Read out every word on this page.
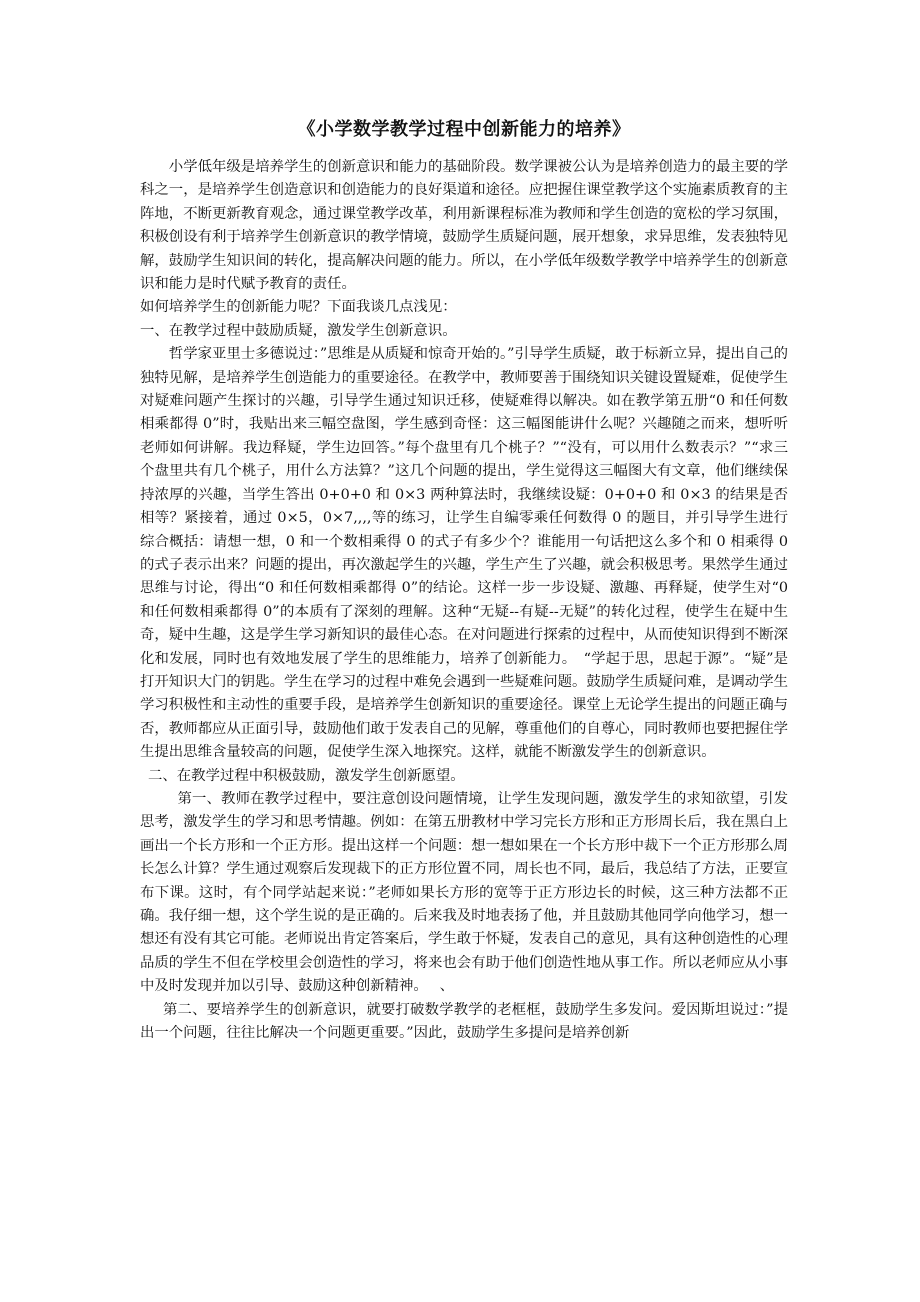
《小学数学教学过程中创新能力的培养》

小学低年级是培养学生的创新意识和能力的基础阶段。数学课被公认为是培养创造力的最主要的学科之一，是培养学生创造意识和创造能力的良好渠道和途径。应把握住课堂教学这个实施素质教育的主阵地，不断更新教育观念，通过课堂教学改革，利用新课程标准为教师和学生创造的宽松的学习氛围，积极创设有利于培养学生创新意识的教学情境，鼓励学生质疑问题，展开想象，求异思维，发表独特见解，鼓励学生知识间的转化，提高解决问题的能力。所以，在小学低年级数学教学中培养学生的创新意识和能力是时代赋予教育的责任。

如何培养学生的创新能力呢？下面我谈几点浅见：

一、在教学过程中鼓励质疑，激发学生创新意识。

哲学家亚里士多德说过：”思维是从质疑和惊奇开始的。”引导学生质疑，敢于标新立异，提出自己的独特见解，是培养学生创造能力的重要途径。在教学中，教师要善于围绕知识关键设置疑难，促使学生对疑难问题产生探讨的兴趣，引导学生通过知识迁移，使疑难得以解决。如在教学第五册“0 和任何数相乘都得 0”时，我贴出来三幅空盘图，学生感到奇怪：这三幅图能讲什么呢？兴趣随之而来，想听听老师如何讲解。我边释疑，学生边回答。”每个盘里有几个桃子？”“没有，可以用什么数表示？”“求三个盘里共有几个桃子，用什么方法算？”这几个问题的提出，学生觉得这三幅图大有文章，他们继续保持浓厚的兴趣，当学生答出 0+0+0 和 0×3 两种算法时，我继续设疑：0+0+0 和 0×3 的结果是否相等？紧接着，通过 0×5，0×7,,,,等的练习，让学生自编零乘任何数得 0 的题目，并引导学生进行综合概括：请想一想，0 和一个数相乘得 0 的式子有多少个？谁能用一句话把这么多个和 0 相乘得 0 的式子表示出来？问题的提出，再次激起学生的兴趣，学生产生了兴趣，就会积极思考。果然学生通过思维与讨论，得出“0 和任何数相乘都得 0”的结论。这样一步一步设疑、激趣、再释疑，使学生对“0 和任何数相乘都得 0”的本质有了深刻的理解。这种“无疑--有疑--无疑”的转化过程，使学生在疑中生奇，疑中生趣，这是学生学习新知识的最佳心态。在对问题进行探索的过程中，从而使知识得到不断深化和发展，同时也有效地发展了学生的思维能力，培养了创新能力。　“学起于思，思起于源”。“疑”是打开知识大门的钥匙。学生在学习的过程中难免会遇到一些疑难问题。鼓励学生质疑问难，是调动学生学习积极性和主动性的重要手段，是培养学生创新知识的重要途径。课堂上无论学生提出的问题正确与否，教师都应从正面引导，鼓励他们敢于发表自己的见解，尊重他们的自尊心，同时教师也要把握住学生提出思维含量较高的问题，促使学生深入地探究。这样，就能不断激发学生的创新意识。

二、在教学过程中积极鼓励，激发学生创新愿望。

第一、教师在教学过程中，要注意创设问题情境，让学生发现问题，激发学生的求知欲望，引发思考，激发学生的学习和思考情趣。例如：在第五册教材中学习完长方形和正方形周长后，我在黑白上画出一个长方形和一个正方形。提出这样一个问题：想一想如果在一个长方形中裁下一个正方形那么周长怎么计算？学生通过观察后发现裁下的正方形位置不同，周长也不同，最后，我总结了方法，正要宣布下课。这时，有个同学站起来说：”老师如果长方形的宽等于正方形边长的时候，这三种方法都不正确。我仔细一想，这个学生说的是正确的。后来我及时地表扬了他，并且鼓励其他同学向他学习，想一想还有没有其它可能。老师说出肯定答案后，学生敢于怀疑，发表自己的意见，具有这种创造性的心理品质的学生不但在学校里会创造性的学习，将来也会有助于他们创造性地从事工作。所以老师应从小事中及时发现并加以引导、鼓励这种创新精神。　 、

第二、要培养学生的创新意识，就要打破数学教学的老框框，鼓励学生多发问。爱因斯坦说过：”提出一个问题，往往比解决一个问题更重要。”因此，鼓励学生多提问是培养创新
